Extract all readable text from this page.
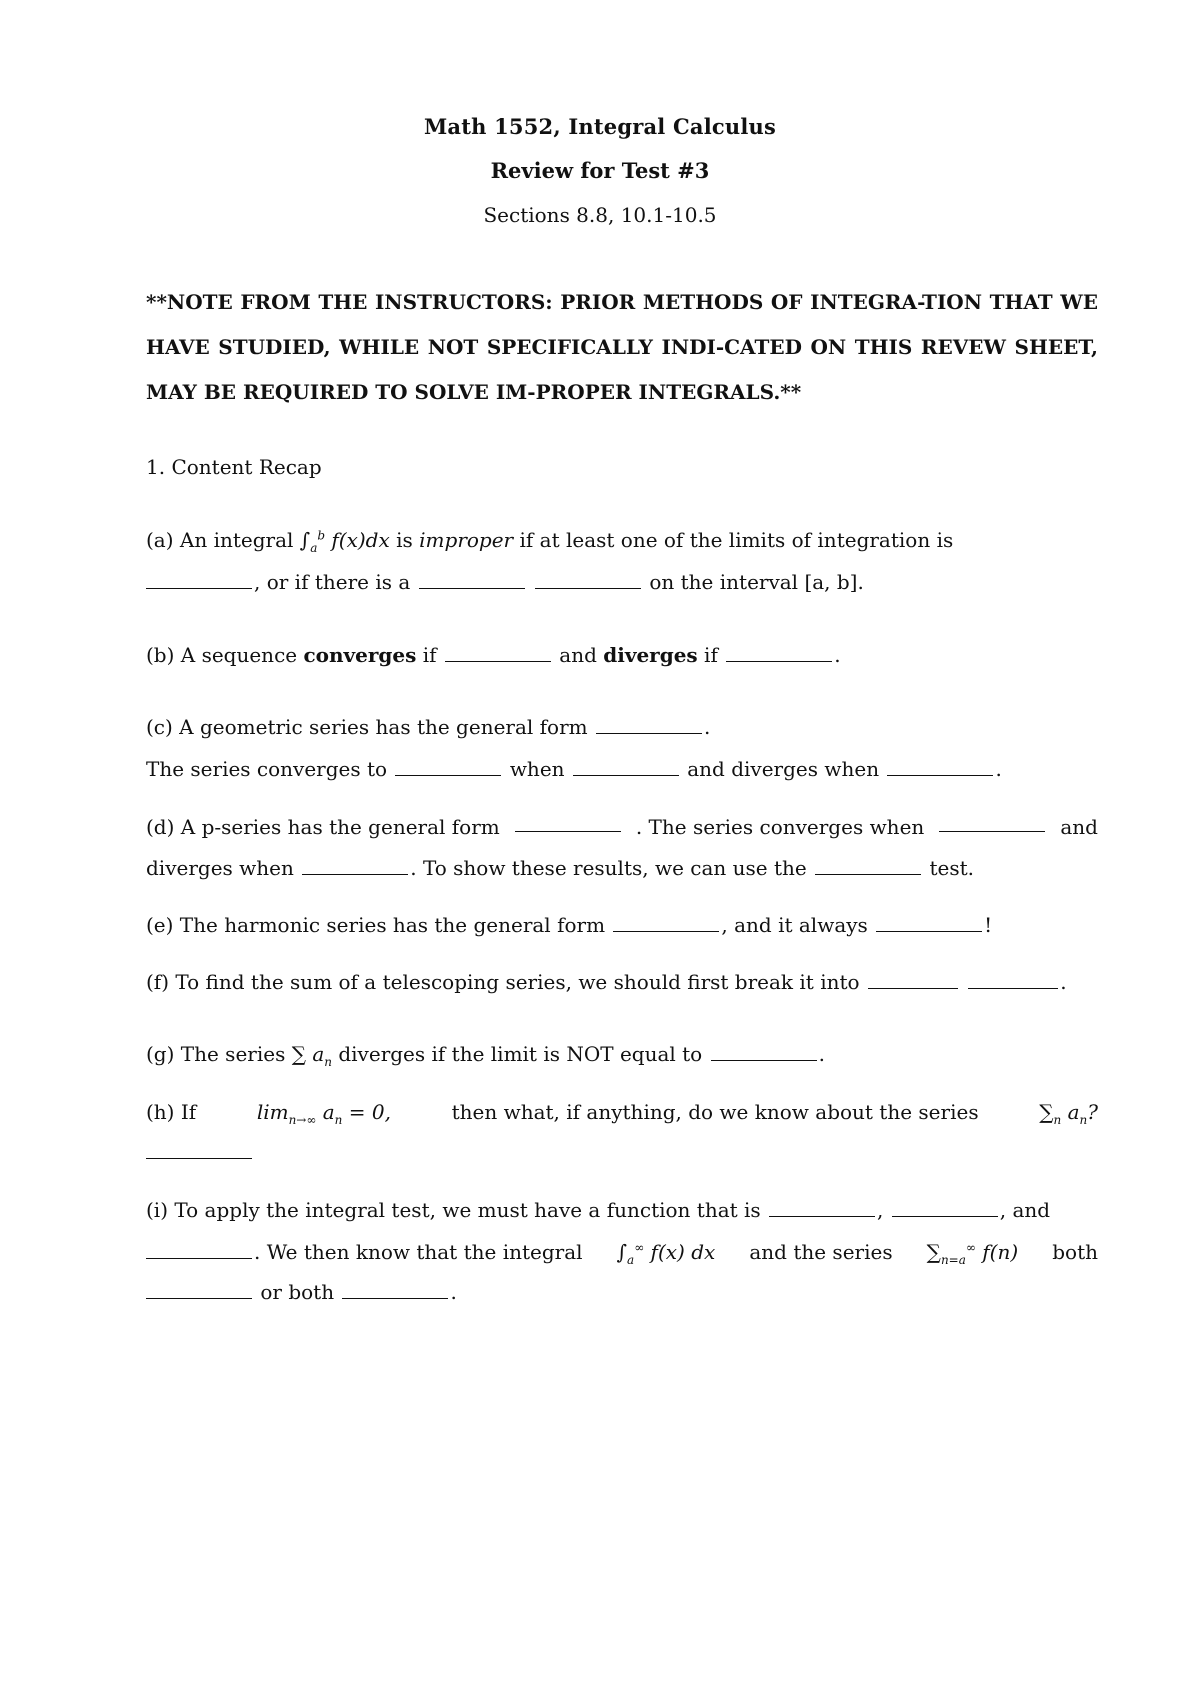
Math 1552, Integral Calculus
Review for Test #3
Sections 8.8, 10.1-10.5
**NOTE FROM THE INSTRUCTORS: PRIOR METHODS OF INTEGRA-TION THAT WE HAVE STUDIED, WHILE NOT SPECIFICALLY INDI-CATED ON THIS REVEW SHEET, MAY BE REQUIRED TO SOLVE IM-PROPER INTEGRALS.**
1. Content Recap
(a) An integral $\int_a^b$ f(x)dx is improper if at least one of the limits of integration is
, or if there is a	on the interval [a, b].
(b) A sequence converges if	and diverges if	.
(c) A geometric series has the general form	.
The series converges to	when	and diverges when	.
(d) A p-series has the general form	. The series converges when	and
diverges when	. To show these results, we can use the	test.
(e) The harmonic series has the general form	, and it always	!
(f) To find the sum of a telescoping series, we should first break it into	.
(g) The series ∑ $a_n$ diverges if the limit is NOT equal to	.
(h) If	$\lim_{n\to\infty} a_n = 0$,	then what, if anything, do we know about the series	$\sum_n$ $a_n$?
(i) To apply the integral test, we must have a function that is	,	, and
. We then know that the integral $\int_a^\infty$ f(x) dx and the series $\sum_{n=a}^\infty$ f(n) both
or both	.
